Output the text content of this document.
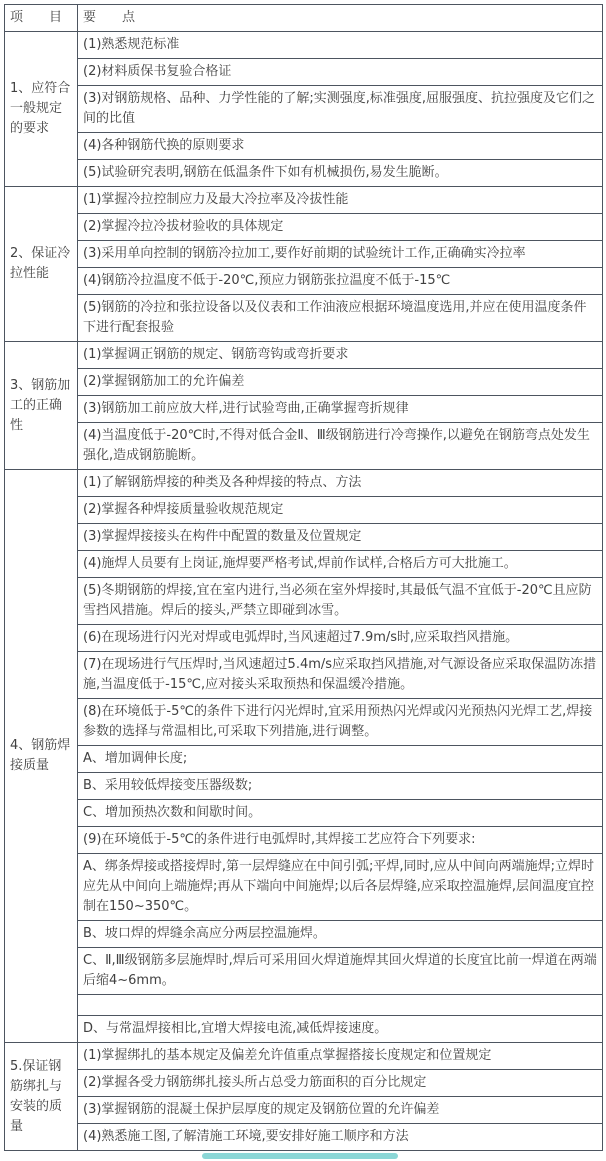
项　　目	要　　点
1、应符合一般规定的要求	(1)熟悉规范标准
	(2)材料质保书复验合格证
	(3)对钢筋规格、品种、力学性能的了解;实测强度,标准强度,屈服强度、抗拉强度及它们之间的比值
	(4)各种钢筋代换的原则要求
	(5)试验研究表明,钢筋在低温条件下如有机械损伤,易发生脆断。
2、保证冷拉性能	(1)掌握冷拉控制应力及最大冷拉率及冷拔性能
	(2)掌握冷拉冷拔材验收的具体规定
	(3)采用单向控制的钢筋冷拉加工,要作好前期的试验统计工作,正确确实冷拉率
	(4)钢筋冷拉温度不低于-20℃,预应力钢筋张拉温度不低于-15℃
	(5)钢筋的冷拉和张拉设备以及仪表和工作油液应根据环境温度选用,并应在使用温度条件下进行配套报验
3、钢筋加工的正确性	(1)掌握调正钢筋的规定、钢筋弯钩或弯折要求
	(2)掌握钢筋加工的允许偏差
	(3)钢筋加工前应放大样,进行试验弯曲,正确掌握弯折规律
	(4)当温度低于-20℃时,不得对低合金Ⅱ、Ⅲ级钢筋进行冷弯操作,以避免在钢筋弯点处发生强化,造成钢筋脆断。
4、钢筋焊接质量	(1)了解钢筋焊接的种类及各种焊接的特点、方法
	(2)掌握各种焊接质量验收规范规定
	(3)掌握焊接接头在构件中配置的数量及位置规定
	(4)施焊人员要有上岗证,施焊要严格考试,焊前作试样,合格后方可大批施工。
	(5)冬期钢筋的焊接,宜在室内进行,当必须在室外焊接时,其最低气温不宜低于-20℃且应防雪挡风措施。焊后的接头,严禁立即碰到冰雪。
	(6)在现场进行闪光对焊或电弧焊时,当风速超过7.9m/s时,应采取挡风措施。
	(7)在现场进行气压焊时,当风速超过5.4m/s应采取挡风措施,对气源设备应采取保温防冻措施,当温度低于-15℃,应对接头采取预热和保温缓冷措施。
	(8)在环境低于-5℃的条件下进行闪光焊时,宜采用预热闪光焊或闪光预热闪光焊工艺,焊接参数的选择与常温相比,可采取下列措施,进行调整。
	A、增加调伸长度;
	B、采用较低焊接变压器级数;
	C、增加预热次数和间歇时间。
	(9)在环境低于-5℃的条件进行电弧焊时,其焊接工艺应符合下列要求:
	A、绑条焊接或搭接焊时,第一层焊缝应在中间引弧;平焊,同时,应从中间向两端施焊;立焊时应先从中间向上端施焊;再从下端向中间施焊;以后各层焊缝,应采取控温施焊,层间温度宜控制在150~350℃。
	B、坡口焊的焊缝余高应分两层控温施焊。
	C、Ⅱ,Ⅲ级钢筋多层施焊时,焊后可采用回火焊道施焊其回火焊道的长度宜比前一焊道在两端后缩4~6mm。

	D、与常温焊接相比,宜增大焊接电流,减低焊接速度。
5.保证钢筋绑扎与安装的质量	(1)掌握绑扎的基本规定及偏差允许值重点掌握搭接长度规定和位置规定
	(2)掌握各受力钢筋绑扎接头所占总受力筋面积的百分比规定
	(3)掌握钢筋的混凝土保护层厚度的规定及钢筋位置的允许偏差
	(4)熟悉施工图,了解清施工环境,要安排好施工顺序和方法
